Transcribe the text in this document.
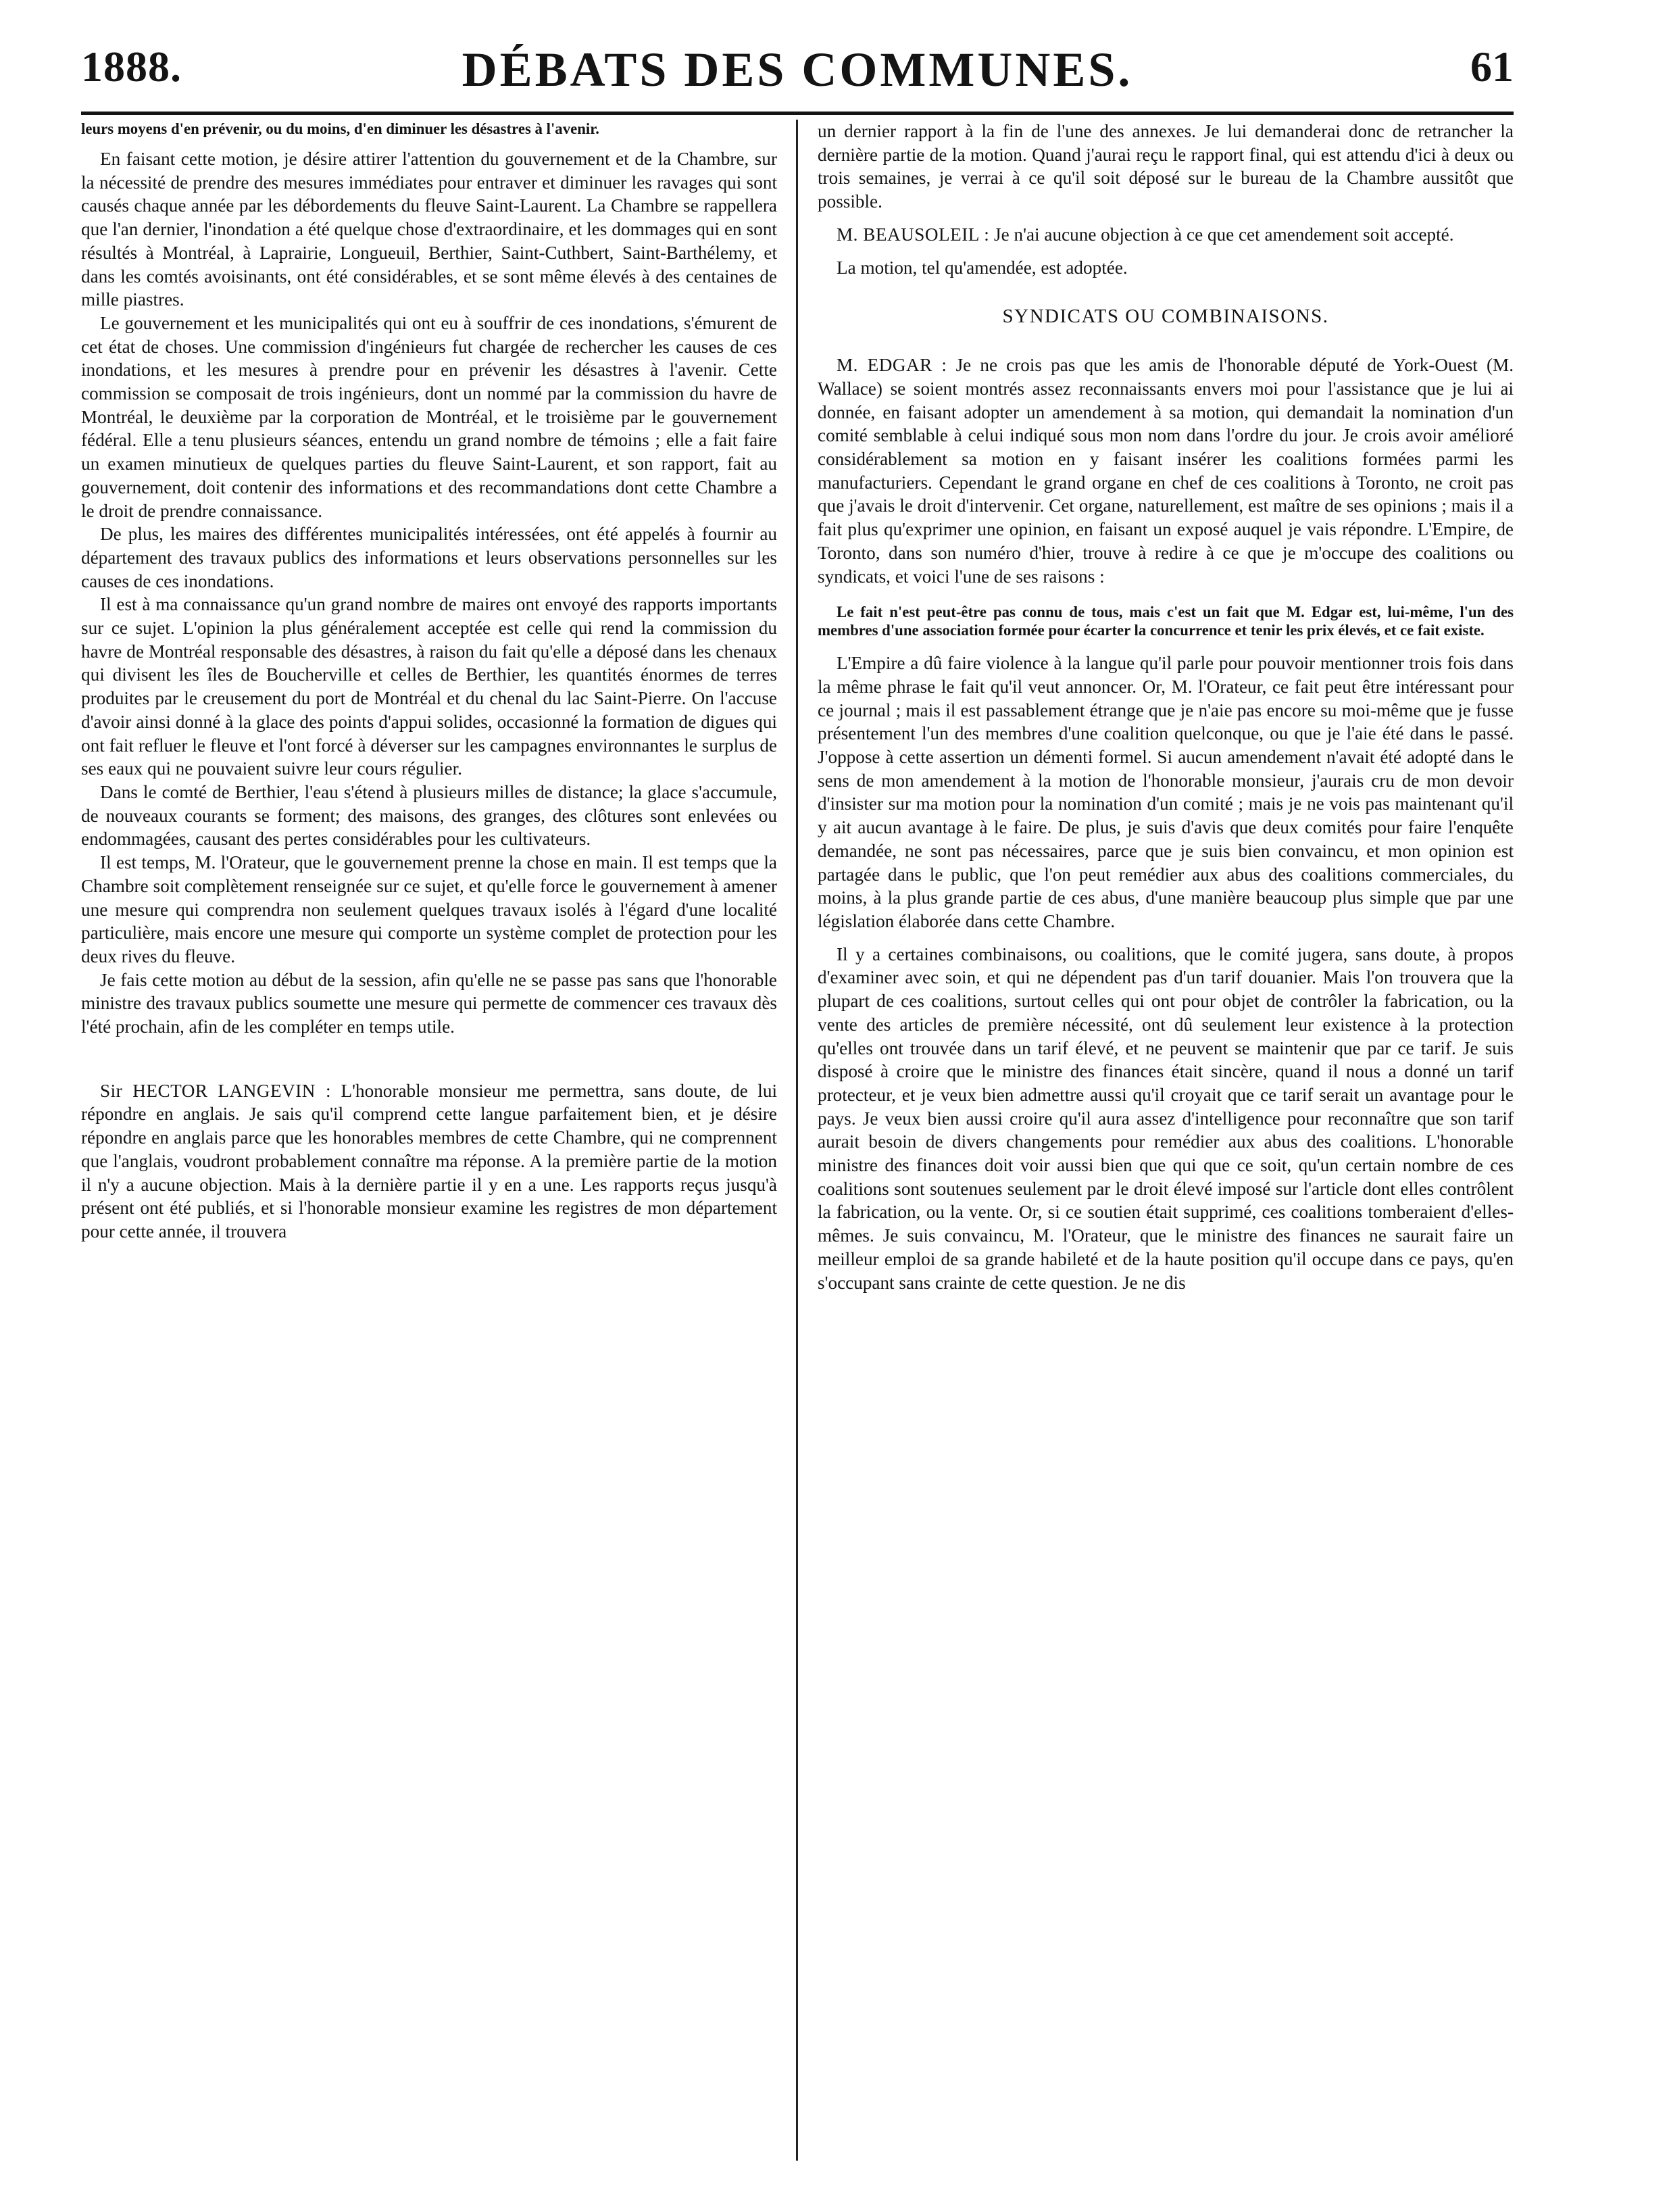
1888.	DÉBATS DES COMMUNES.	61

leurs moyens d'en prévenir, ou du moins, d'en diminuer les désastres à l'avenir.

En faisant cette motion, je désire attirer l'attention du gouvernement et de la Chambre, sur la nécessité de prendre des mesures immédiates pour entraver et diminuer les ravages qui sont causés chaque année par les débordements du fleuve Saint-Laurent. La Chambre se rappellera que l'an dernier, l'inondation a été quelque chose d'extraordinaire, et les dommages qui en sont résultés à Montréal, à Laprairie, Longueuil, Berthier, Saint-Cuthbert, Saint-Barthélemy, et dans les comtés avoisinants, ont été considérables, et se sont même élevés à des centaines de mille piastres.

Le gouvernement et les municipalités qui ont eu à souffrir de ces inondations, s'émurent de cet état de choses. Une commission d'ingénieurs fut chargée de rechercher les causes de ces inondations, et les mesures à prendre pour en prévenir les désastres à l'avenir. Cette commission se composait de trois ingénieurs, dont un nommé par la commission du havre de Montréal, le deuxième par la corporation de Montréal, et le troisième par le gouvernement fédéral. Elle a tenu plusieurs séances, entendu un grand nombre de témoins ; elle a fait faire un examen minutieux de quelques parties du fleuve Saint-Laurent, et son rapport, fait au gouvernement, doit contenir des informations et des recommandations dont cette Chambre a le droit de prendre connaissance.

De plus, les maires des différentes municipalités intéressées, ont été appelés à fournir au département des travaux publics des informations et leurs observations personnelles sur les causes de ces inondations.

Il est à ma connaissance qu'un grand nombre de maires ont envoyé des rapports importants sur ce sujet. L'opinion la plus généralement acceptée est celle qui rend la commission du havre de Montréal responsable des désastres, à raison du fait qu'elle a déposé dans les chenaux qui divisent les îles de Boucherville et celles de Berthier, les quantités énormes de terres produites par le creusement du port de Montréal et du chenal du lac Saint-Pierre. On l'accuse d'avoir ainsi donné à la glace des points d'appui solides, occasionné la formation de digues qui ont fait refluer le fleuve et l'ont forcé à déverser sur les campagnes environnantes le surplus de ses eaux qui ne pouvaient suivre leur cours régulier.

Dans le comté de Berthier, l'eau s'étend à plusieurs milles de distance; la glace s'accumule, de nouveaux courants se forment; des maisons, des granges, des clôtures sont enlevées ou endommagées, causant des pertes considérables pour les cultivateurs.

Il est temps, M. l'Orateur, que le gouvernement prenne la chose en main. Il est temps que la Chambre soit complètement renseignée sur ce sujet, et qu'elle force le gouvernement à amener une mesure qui comprendra non seulement quelques travaux isolés à l'égard d'une localité particulière, mais encore une mesure qui comporte un système complet de protection pour les deux rives du fleuve.

Je fais cette motion au début de la session, afin qu'elle ne se passe pas sans que l'honorable ministre des travaux publics soumette une mesure qui permette de commencer ces travaux dès l'été prochain, afin de les compléter en temps utile.

Sir HECTOR LANGEVIN : L'honorable monsieur me permettra, sans doute, de lui répondre en anglais. Je sais qu'il comprend cette langue parfaitement bien, et je désire répondre en anglais parce que les honorables membres de cette Chambre, qui ne comprennent que l'anglais, voudront probablement connaître ma réponse. A la première partie de la motion il n'y a aucune objection. Mais à la dernière partie il y en a une. Les rapports reçus jusqu'à présent ont été publiés, et si l'honorable monsieur examine les registres de mon département pour cette année, il trouvera

un dernier rapport à la fin de l'une des annexes. Je lui demanderai donc de retrancher la dernière partie de la motion. Quand j'aurai reçu le rapport final, qui est attendu d'ici à deux ou trois semaines, je verrai à ce qu'il soit déposé sur le bureau de la Chambre aussitôt que possible.

M. BEAUSOLEIL : Je n'ai aucune objection à ce que cet amendement soit accepté.

La motion, tel qu'amendée, est adoptée.

SYNDICATS OU COMBINAISONS.

M. EDGAR : Je ne crois pas que les amis de l'honorable député de York-Ouest (M. Wallace) se soient montrés assez reconnaissants envers moi pour l'assistance que je lui ai donnée, en faisant adopter un amendement à sa motion, qui demandait la nomination d'un comité semblable à celui indiqué sous mon nom dans l'ordre du jour. Je crois avoir amélioré considérablement sa motion en y faisant insérer les coalitions formées parmi les manufacturiers. Cependant le grand organe en chef de ces coalitions à Toronto, ne croit pas que j'avais le droit d'intervenir. Cet organe, naturellement, est maître de ses opinions ; mais il a fait plus qu'exprimer une opinion, en faisant un exposé auquel je vais répondre. L'Empire, de Toronto, dans son numéro d'hier, trouve à redire à ce que je m'occupe des coalitions ou syndicats, et voici l'une de ses raisons :

Le fait n'est peut-être pas connu de tous, mais c'est un fait que M. Edgar est, lui-même, l'un des membres d'une association formée pour écarter la concurrence et tenir les prix élevés, et ce fait existe.

L'Empire a dû faire violence à la langue qu'il parle pour pouvoir mentionner trois fois dans la même phrase le fait qu'il veut annoncer. Or, M. l'Orateur, ce fait peut être intéressant pour ce journal ; mais il est passablement étrange que je n'aie pas encore su moi-même que je fusse présentement l'un des membres d'une coalition quelconque, ou que je l'aie été dans le passé. J'oppose à cette assertion un démenti formel. Si aucun amendement n'avait été adopté dans le sens de mon amendement à la motion de l'honorable monsieur, j'aurais cru de mon devoir d'insister sur ma motion pour la nomination d'un comité ; mais je ne vois pas maintenant qu'il y ait aucun avantage à le faire. De plus, je suis d'avis que deux comités pour faire l'enquête demandée, ne sont pas nécessaires, parce que je suis bien convaincu, et mon opinion est partagée dans le public, que l'on peut remédier aux abus des coalitions commerciales, du moins, à la plus grande partie de ces abus, d'une manière beaucoup plus simple que par une législation élaborée dans cette Chambre.

Il y a certaines combinaisons, ou coalitions, que le comité jugera, sans doute, à propos d'examiner avec soin, et qui ne dépendent pas d'un tarif douanier. Mais l'on trouvera que la plupart de ces coalitions, surtout celles qui ont pour objet de contrôler la fabrication, ou la vente des articles de première nécessité, ont dû seulement leur existence à la protection qu'elles ont trouvée dans un tarif élevé, et ne peuvent se maintenir que par ce tarif. Je suis disposé à croire que le ministre des finances était sincère, quand il nous a donné un tarif protecteur, et je veux bien admettre aussi qu'il croyait que ce tarif serait un avantage pour le pays. Je veux bien aussi croire qu'il aura assez d'intelligence pour reconnaître que son tarif aurait besoin de divers changements pour remédier aux abus des coalitions. L'honorable ministre des finances doit voir aussi bien que qui que ce soit, qu'un certain nombre de ces coalitions sont soutenues seulement par le droit élevé imposé sur l'article dont elles contrôlent la fabrication, ou la vente. Or, si ce soutien était supprimé, ces coalitions tomberaient d'elles-mêmes. Je suis convaincu, M. l'Orateur, que le ministre des finances ne saurait faire un meilleur emploi de sa grande habileté et de la haute position qu'il occupe dans ce pays, qu'en s'occupant sans crainte de cette question. Je ne dis
